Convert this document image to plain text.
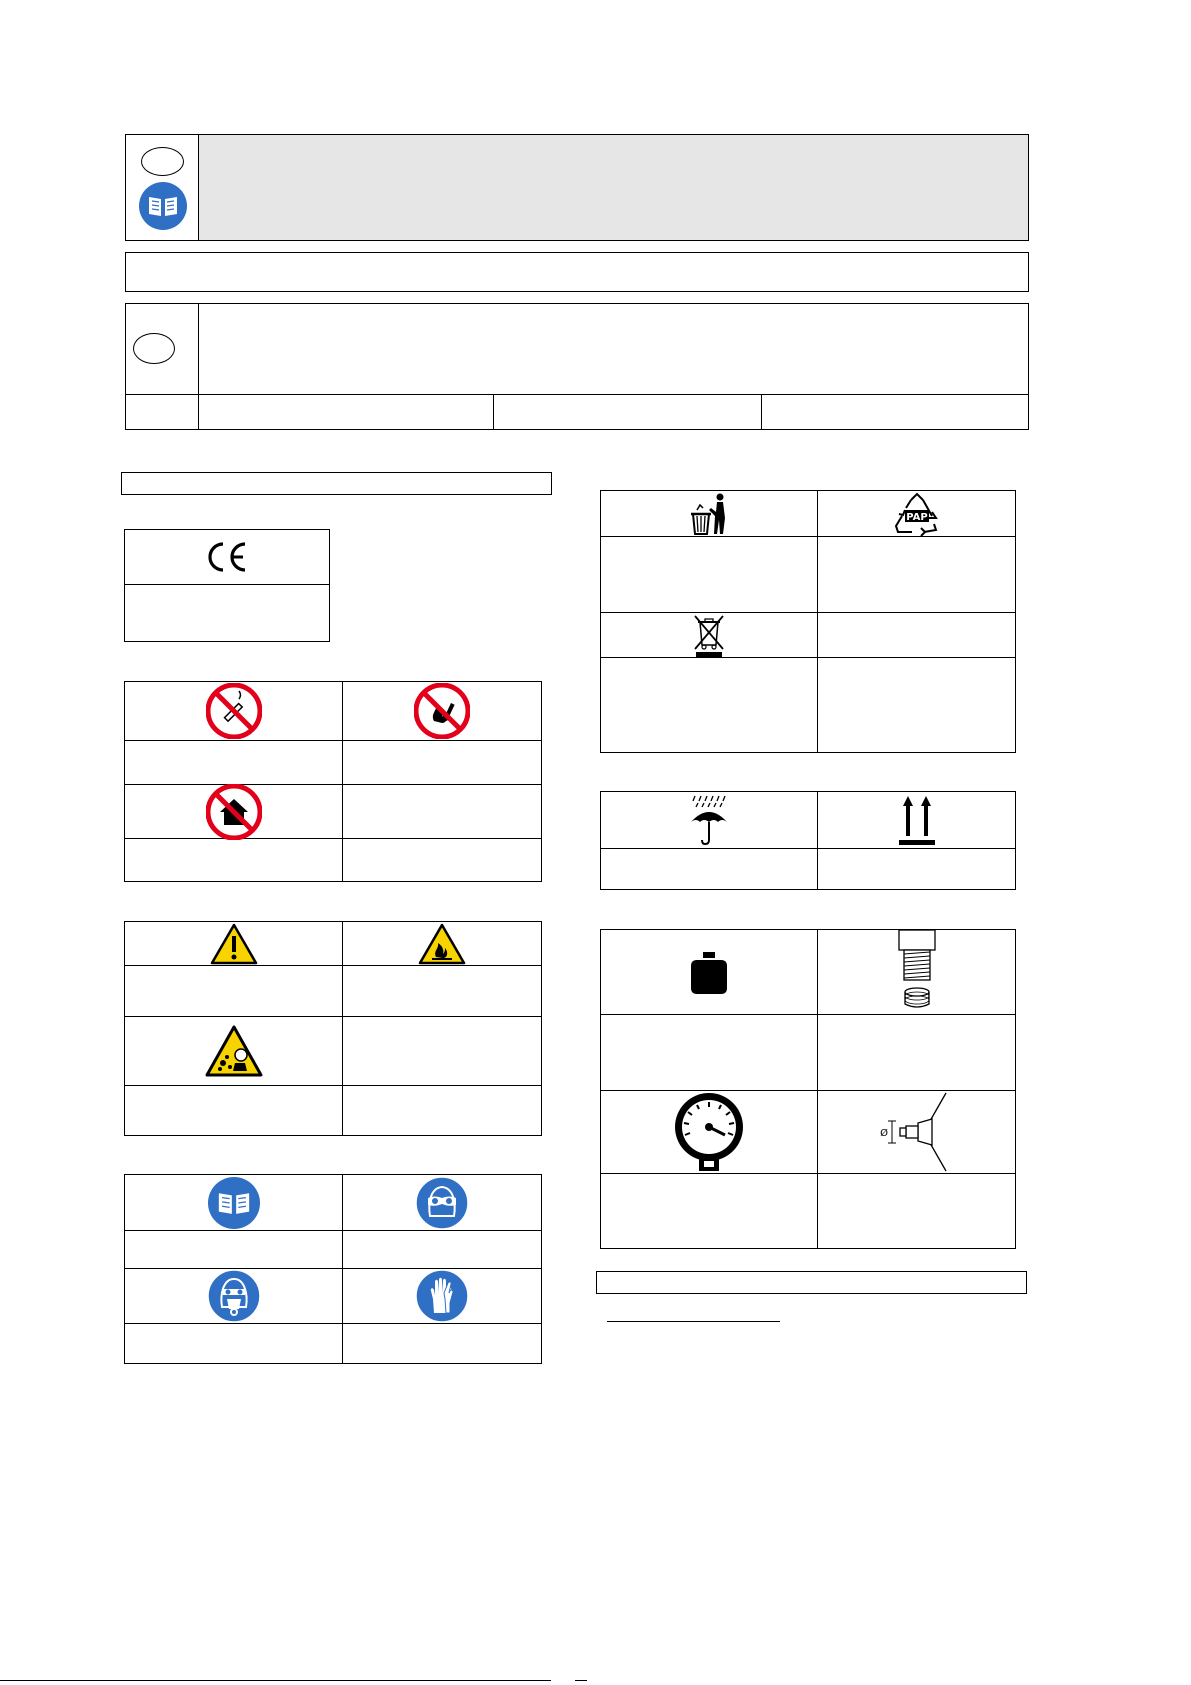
PAP
Ø
